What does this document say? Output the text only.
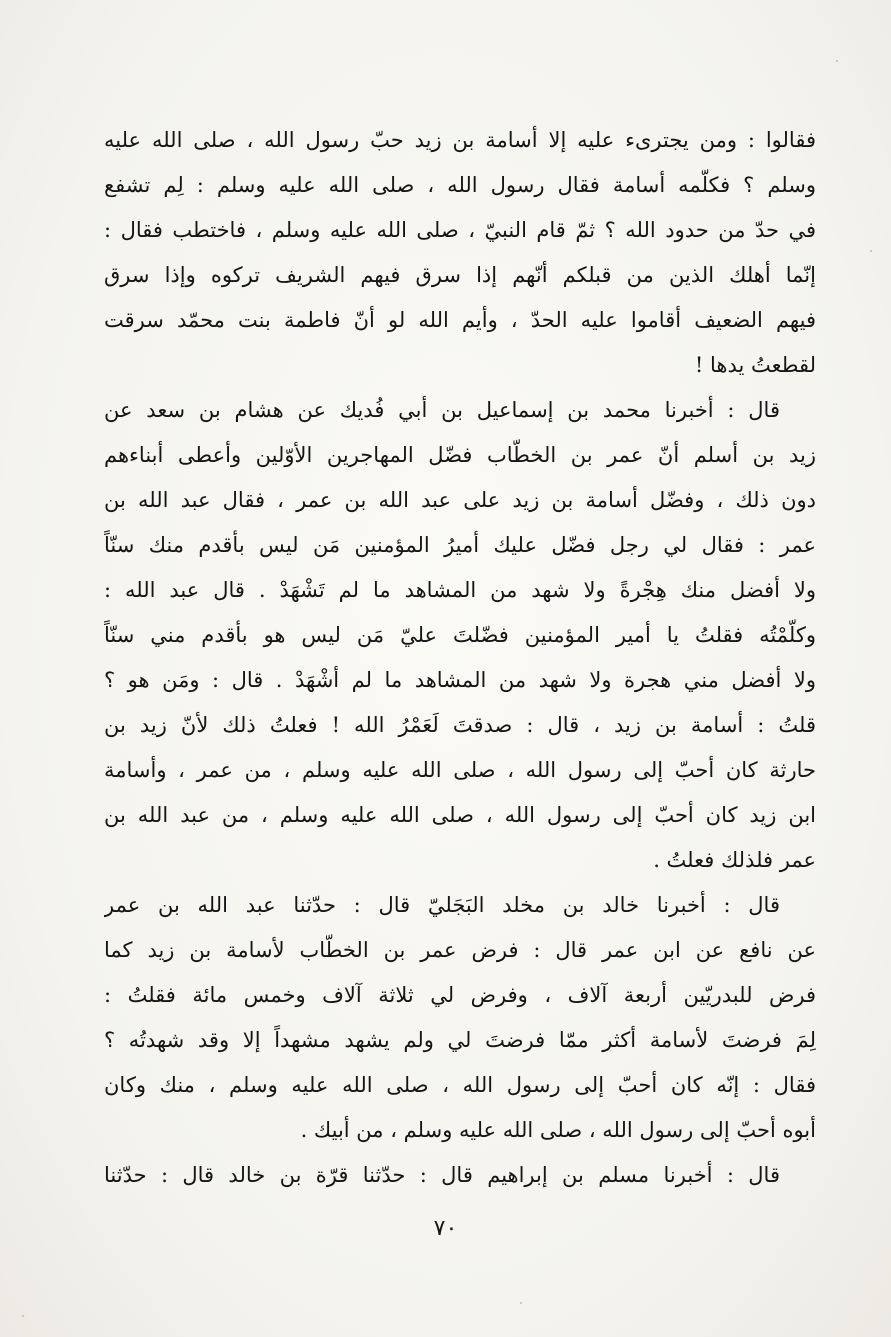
فقالوا : ومن يجترىء عليه إلا أسامة بن زيد حبّ رسول الله ، صلى الله عليه
وسلم ؟ فكلّمه أسامة فقال رسول الله ، صلى الله عليه وسلم : لِم تشفع
في حدّ من حدود الله ؟ ثمّ قام النبيّ ، صلى الله عليه وسلم ، فاختطب فقال :
إنّما أهلك الذين من قبلكم أنّهم إذا سرق فيهم الشريف تركوه وإذا سرق
فيهم الضعيف أقاموا عليه الحدّ ، وأيم الله لو أنّ فاطمة بنت محمّد سرقت
لقطعتُ يدها !
قال : أخبرنا محمد بن إسماعيل بن أبي فُديك عن هشام بن سعد عن
زيد بن أسلم أنّ عمر بن الخطّاب فضّل المهاجرين الأوّلين وأعطى أبناءهم
دون ذلك ، وفضّل أسامة بن زيد على عبد الله بن عمر ، فقال عبد الله بن
عمر : فقال لي رجل فضّل عليك أميرُ المؤمنين مَن ليس بأقدم منك سنّاً
ولا أفضل منك هِجْرةً ولا شهد من المشاهد ما لم تَشْهَدْ . قال عبد الله :
وكلّمْتُه فقلتُ يا أمير المؤمنين فضّلتَ عليّ مَن ليس هو بأقدم مني سنّاً
ولا أفضل مني هجرة ولا شهد من المشاهد ما لم أشْهَدْ . قال : ومَن هو ؟
قلتُ : أسامة بن زيد ، قال : صدقتَ لَعَمْرُ الله ! فعلتُ ذلك لأنّ زيد بن
حارثة كان أحبّ إلى رسول الله ، صلى الله عليه وسلم ، من عمر ، وأسامة
ابن زيد كان أحبّ إلى رسول الله ، صلى الله عليه وسلم ، من عبد الله بن
عمر فلذلك فعلتُ .
قال : أخبرنا خالد بن مخلد البَجَليّ قال : حدّثنا عبد الله بن عمر
عن نافع عن ابن عمر قال : فرض عمر بن الخطّاب لأسامة بن زيد كما
فرض للبدريّين أربعة آلاف ، وفرض لي ثلاثة آلاف وخمس مائة فقلتُ :
لِمَ فرضتَ لأسامة أكثر ممّا فرضتَ لي ولم يشهد مشهداً إلا وقد شهدتُه ؟
فقال : إنّه كان أحبّ إلى رسول الله ، صلى الله عليه وسلم ، منك وكان
أبوه أحبّ إلى رسول الله ، صلى الله عليه وسلم ، من أبيك .
قال : أخبرنا مسلم بن إبراهيم قال : حدّثنا قرّة بن خالد قال : حدّثنا
٧٠
